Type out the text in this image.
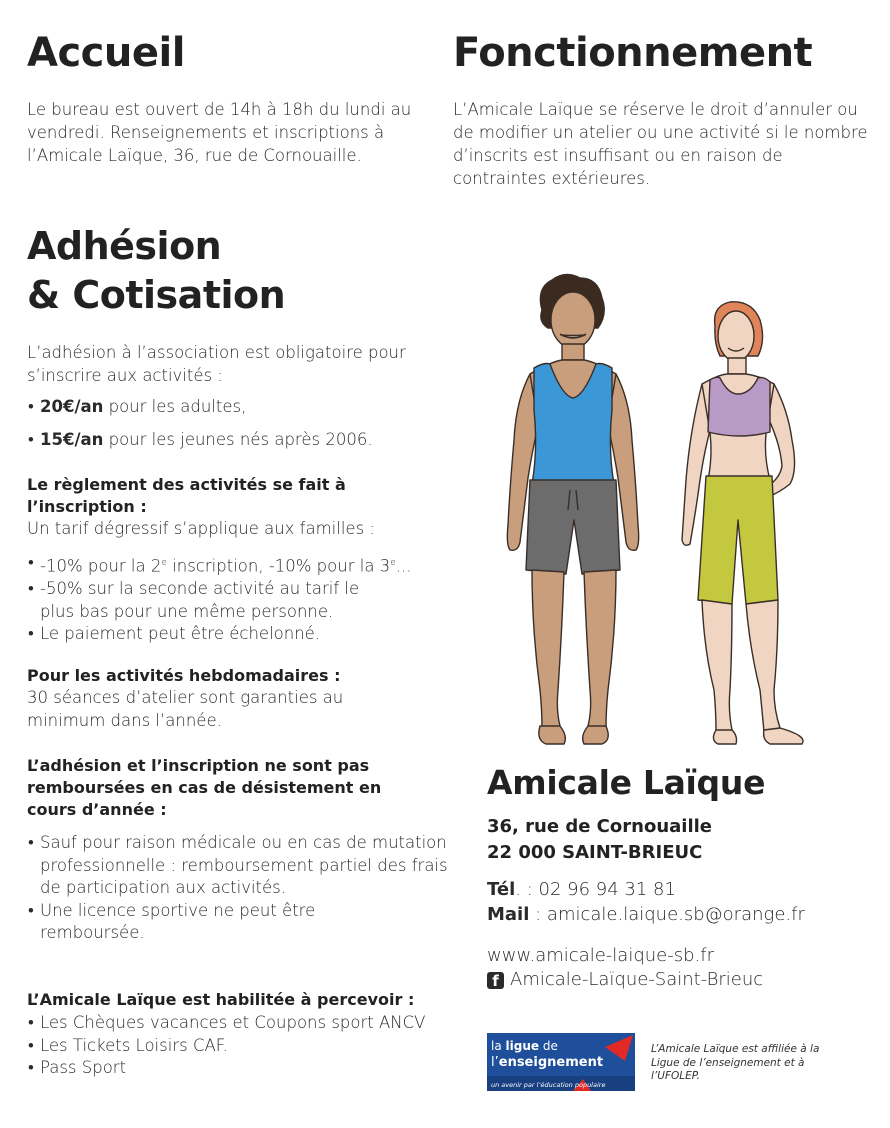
Accueil

Le bureau est ouvert de 14h à 18h du lundi au vendredi. Renseignements et inscriptions à l’Amicale Laïque, 36, rue de Cornouaille.

Fonctionnement

L’Amicale Laïque se réserve le droit d’annuler ou de modifier un atelier ou une activité si le nombre d’inscrits est insuffisant ou en raison de contraintes extérieures.

Adhésion
& Cotisation

L’adhésion à l’association est obligatoire pour s’inscrire aux activités :

• 20€/an pour les adultes,
• 15€/an pour les jeunes nés après 2006.

Le règlement des activités se fait à l’inscription :

Un tarif dégressif s’applique aux familles :

• -10% pour la 2e inscription, -10% pour la 3e...
• -50% sur la seconde activité au tarif le plus bas pour une même personne.
• Le paiement peut être échelonné.

Pour les activités hebdomadaires :

30 séances d’atelier sont garanties au minimum dans l’année.

L’adhésion et l’inscription ne sont pas remboursées en cas de désistement en cours d’année :

• Sauf pour raison médicale ou en cas de mutation professionnelle : remboursement partiel des frais de participation aux activités.
• Une licence sportive ne peut être remboursée.

L’Amicale Laïque est habilitée à percevoir :

• Les Chèques vacances et Coupons sport ANCV
• Les Tickets Loisirs CAF.
• Pass Sport
Amicale Laïque

36, rue de Cornouaille
22 000 SAINT-BRIEUC

Tél. : 02 96 94 31 81

Mail : amicale.laique.sb@orange.fr

www.amicale-laique-sb.fr

f Amicale-Laïque-Saint-Brieuc

la ligue de
l’enseignement
un avenir par l’éducation populaire

L’Amicale Laïque est affiliée à la Ligue de l’enseignement et à l’UFOLEP.
